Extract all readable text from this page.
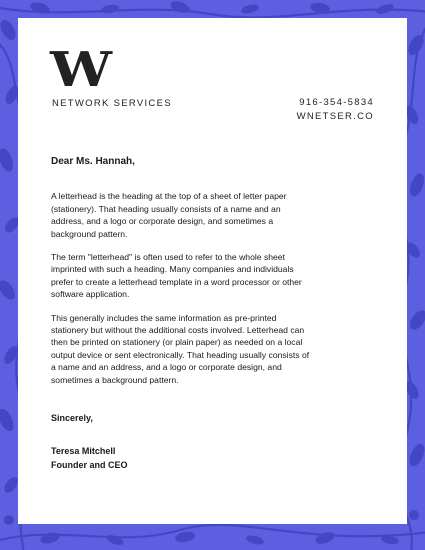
W
NETWORK SERVICES	916-354-5834
WNETSER.CO

Dear Ms. Hannah,

A letterhead is the heading at the top of a sheet of letter paper (stationery). That heading usually consists of a name and an address, and a logo or corporate design, and sometimes a background pattern.

The term "letterhead" is often used to refer to the whole sheet imprinted with such a heading. Many companies and individuals prefer to create a letterhead template in a word processor or other software application.

This generally includes the same information as pre-printed stationery but without the additional costs involved. Letterhead can then be printed on stationery (or plain paper) as needed on a local output device or sent electronically. That heading usually consists of a name and an address, and a logo or corporate design, and sometimes a background pattern.

Sincerely,

Teresa Mitchell
Founder and CEO
